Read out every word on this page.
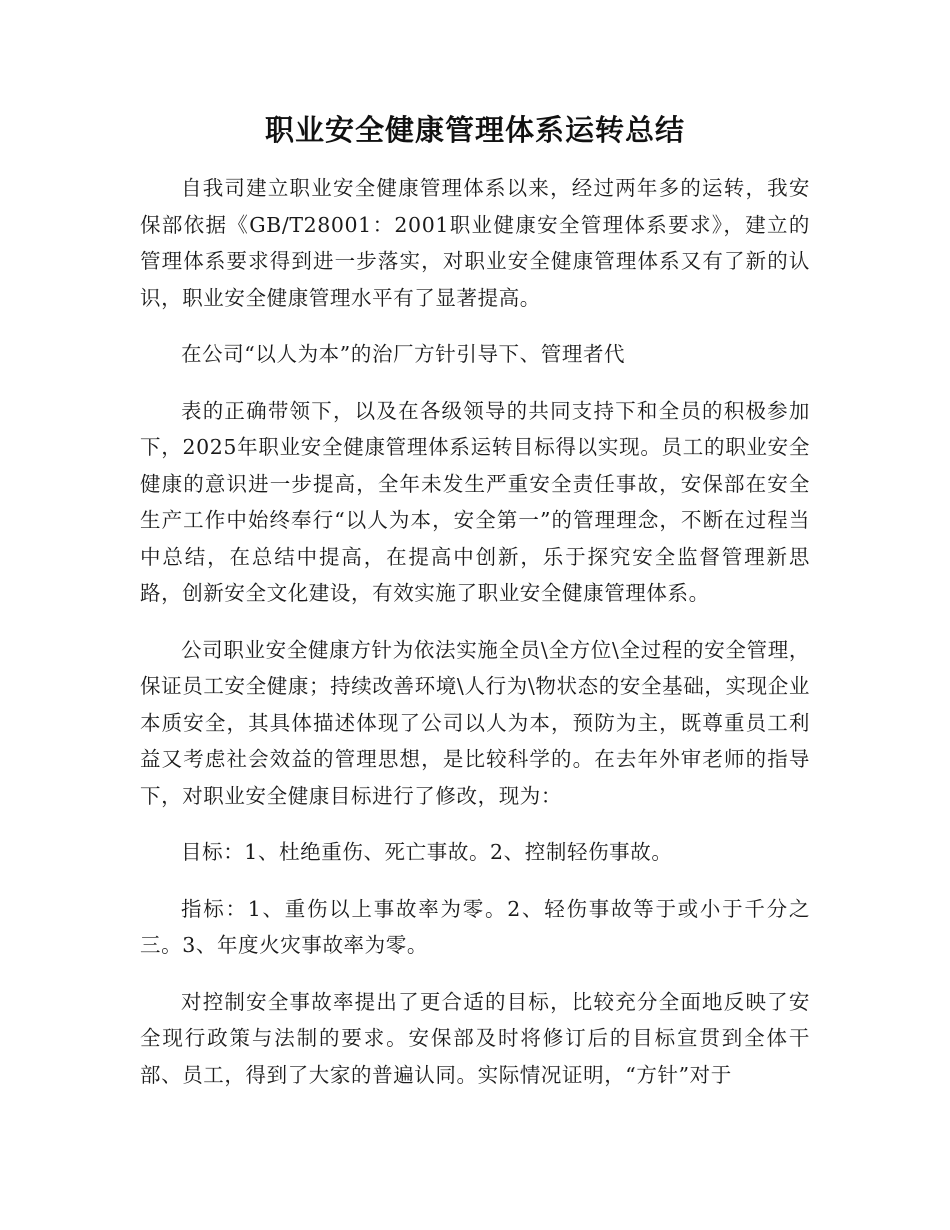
职业安全健康管理体系运转总结

自我司建立职业安全健康管理体系以来，经过两年多的运转，我安保部依据《GB/T28001：2001职业健康安全管理体系要求》，建立的管理体系要求得到进一步落实，对职业安全健康管理体系又有了新的认识，职业安全健康管理水平有了显著提高。

在公司“以人为本”的治厂方针引导下、管理者代

表的正确带领下，以及在各级领导的共同支持下和全员的积极参加下，2025年职业安全健康管理体系运转目标得以实现。员工的职业安全健康的意识进一步提高，全年未发生严重安全责任事故，安保部在安全生产工作中始终奉行“以人为本，安全第一”的管理理念，不断在过程当中总结，在总结中提高，在提高中创新，乐于探究安全监督管理新思路，创新安全文化建设，有效实施了职业安全健康管理体系。

公司职业安全健康方针为依法实施全员\全方位\全过程的安全管理，保证员工安全健康；持续改善环境\人行为\物状态的安全基础，实现企业本质安全，其具体描述体现了公司以人为本，预防为主，既尊重员工利益又考虑社会效益的管理思想，是比较科学的。在去年外审老师的指导下，对职业安全健康目标进行了修改，现为：

目标：1、杜绝重伤、死亡事故。2、控制轻伤事故。

指标：1、重伤以上事故率为零。2、轻伤事故等于或小于千分之三。3、年度火灾事故率为零。

对控制安全事故率提出了更合适的目标，比较充分全面地反映了安全现行政策与法制的要求。安保部及时将修订后的目标宣贯到全体干部、员工，得到了大家的普遍认同。实际情况证明，“方针”对于
